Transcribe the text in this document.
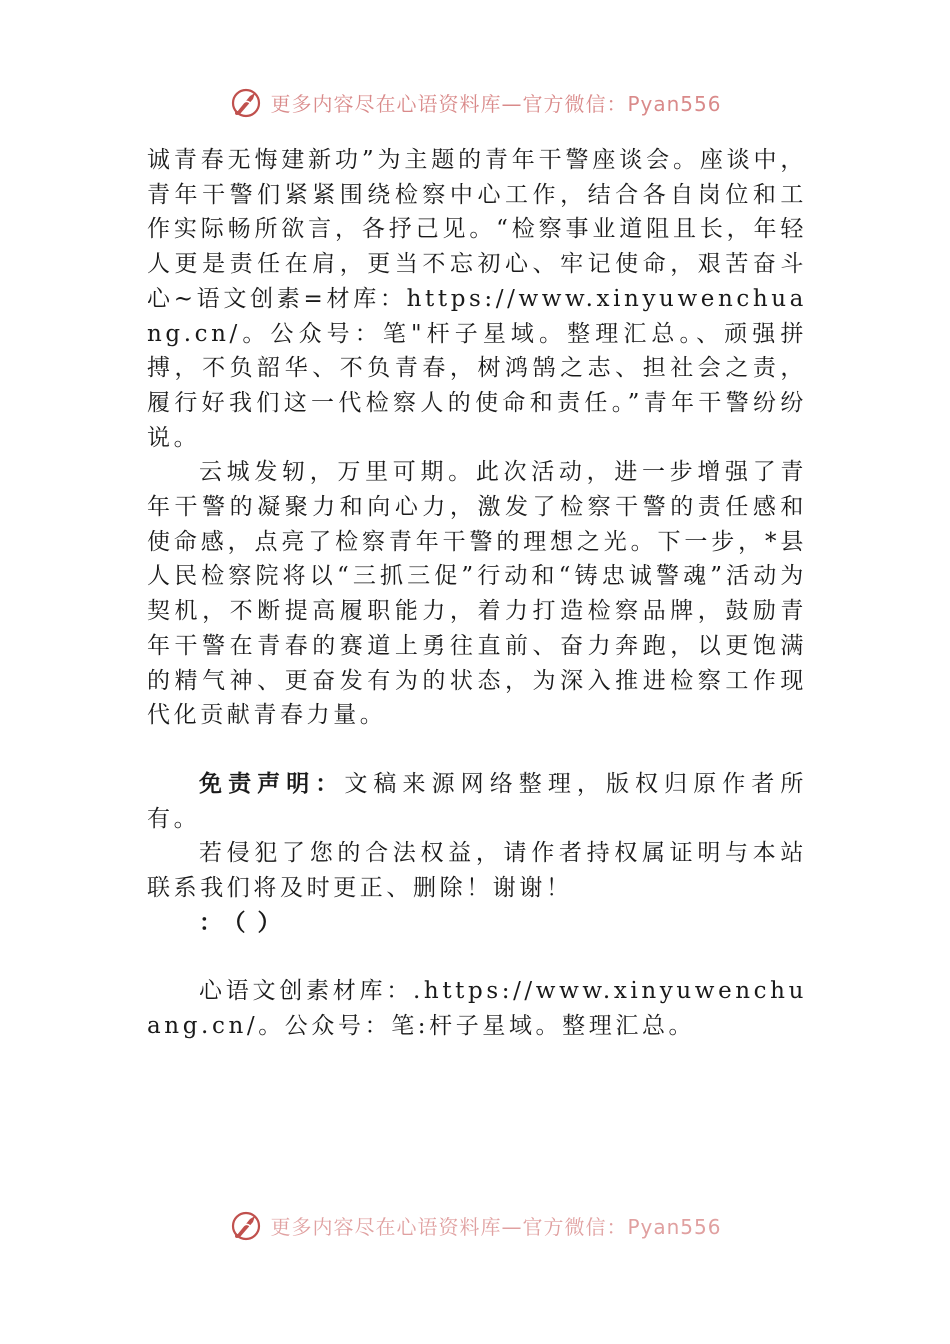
更多内容尽在心语资料库—官方微信：Pyan556

诚青春无悔建新功”为主题的青年干警座谈会。座谈中，青年干警们紧紧围绕检察中心工作，结合各自岗位和工作实际畅所欲言，各抒己见。“检察事业道阻且长，年轻人更是责任在肩，更当不忘初心、牢记使命，艰苦奋斗心~语文创素=材库：https://www.xinyuwenchuang.cn/。公众号：笔"杆子星域。整理汇总。、顽强拼搏，不负韶华、不负青春，树鸿鹄之志、担社会之责，履行好我们这一代检察人的使命和责任。”青年干警纷纷说。

云城发轫，万里可期。此次活动，进一步增强了青年干警的凝聚力和向心力，激发了检察干警的责任感和使命感，点亮了检察青年干警的理想之光。下一步，*县人民检察院将以“三抓三促”行动和“铸忠诚警魂”活动为契机，不断提高履职能力，着力打造检察品牌，鼓励青年干警在青春的赛道上勇往直前、奋力奔跑，以更饱满的精气神、更奋发有为的状态，为深入推进检察工作现代化贡献青春力量。

免责声明：文稿来源网络整理，版权归原作者所有。

若侵犯了您的合法权益，请作者持权属证明与本站联系我们将及时更正、删除！谢谢！

：（）

心语文创素材库：.https://www.xinyuwenchuang.cn/。公众号：笔:杆子星域。整理汇总。

更多内容尽在心语资料库—官方微信：Pyan556
